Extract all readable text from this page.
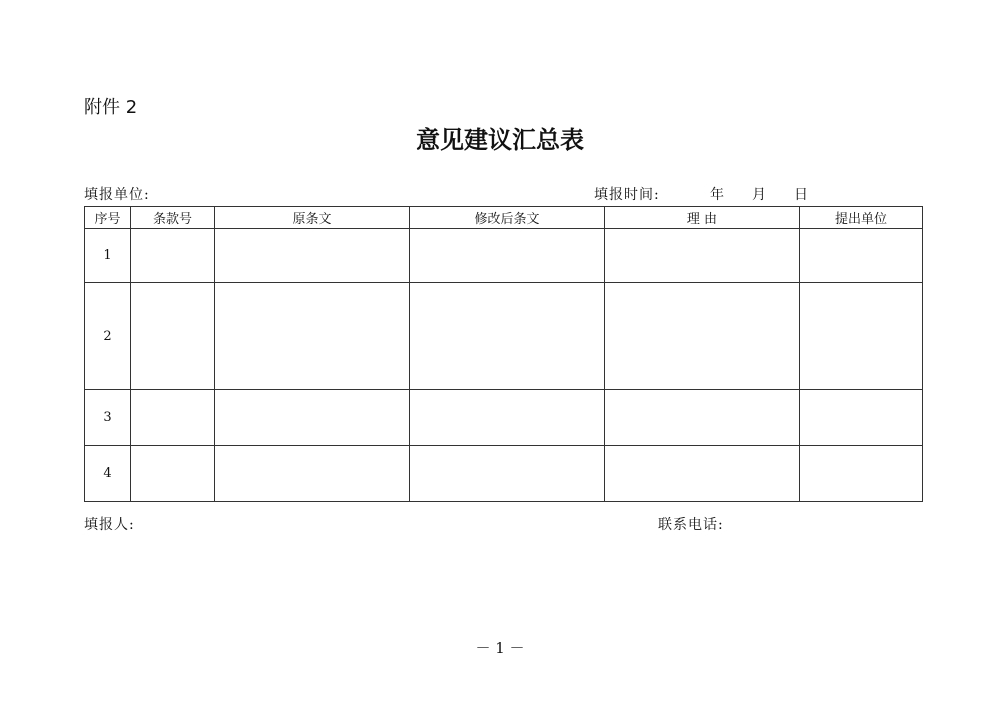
附件 2
意见建议汇总表
填报单位:	填报时间:	年 月 日
序号	条款号	原条文	修改后条文	理 由	提出单位
1					
2					
3					
4					
填报人:	联系电话:
－ 1 －
